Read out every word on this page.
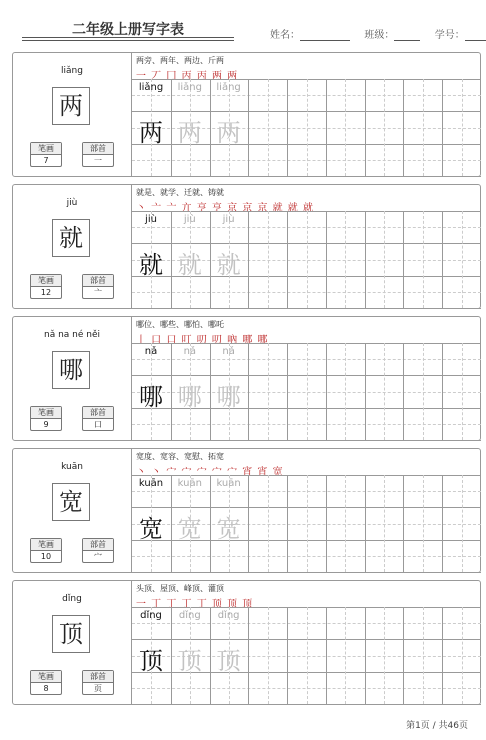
二年级上册写字表	姓名：	班级：	学号：
liǎng
两
笔画
7
部首
一
两旁、两年、两边、斤两
一 丆 冂 丙 丙 两 两
liǎng
两
liǎng
两
liǎng
两
jiù
就
笔画
12
部首
亠
就是、就学、迁就、铸就
丶 亠 亠 亣 亨 亨 京 京 京 就 就 就
jiù
就
jiù
就
jiù
就
nǎ na né něi
哪
笔画
9
部首
口
哪位、哪些、哪怕、哪吒
丨 口 口 叮 叨 叨 吶 哪 哪
nǎ
哪
nǎ
哪
nǎ
哪
kuān
宽
笔画
10
部首
宀
宽度、宽容、宽慰、拓宽
丶 丶 宀 宀 宀 宀 宀 宵 宵 宽
kuān
宽
kuān
宽
kuān
宽
dǐng
顶
笔画
8
部首
页
头顶、屋顶、峰顶、灌顶
一 丁 丁 丁 丁 顶 顶 顶
dǐng
顶
dǐng
顶
dǐng
顶
第1页 / 共46页
